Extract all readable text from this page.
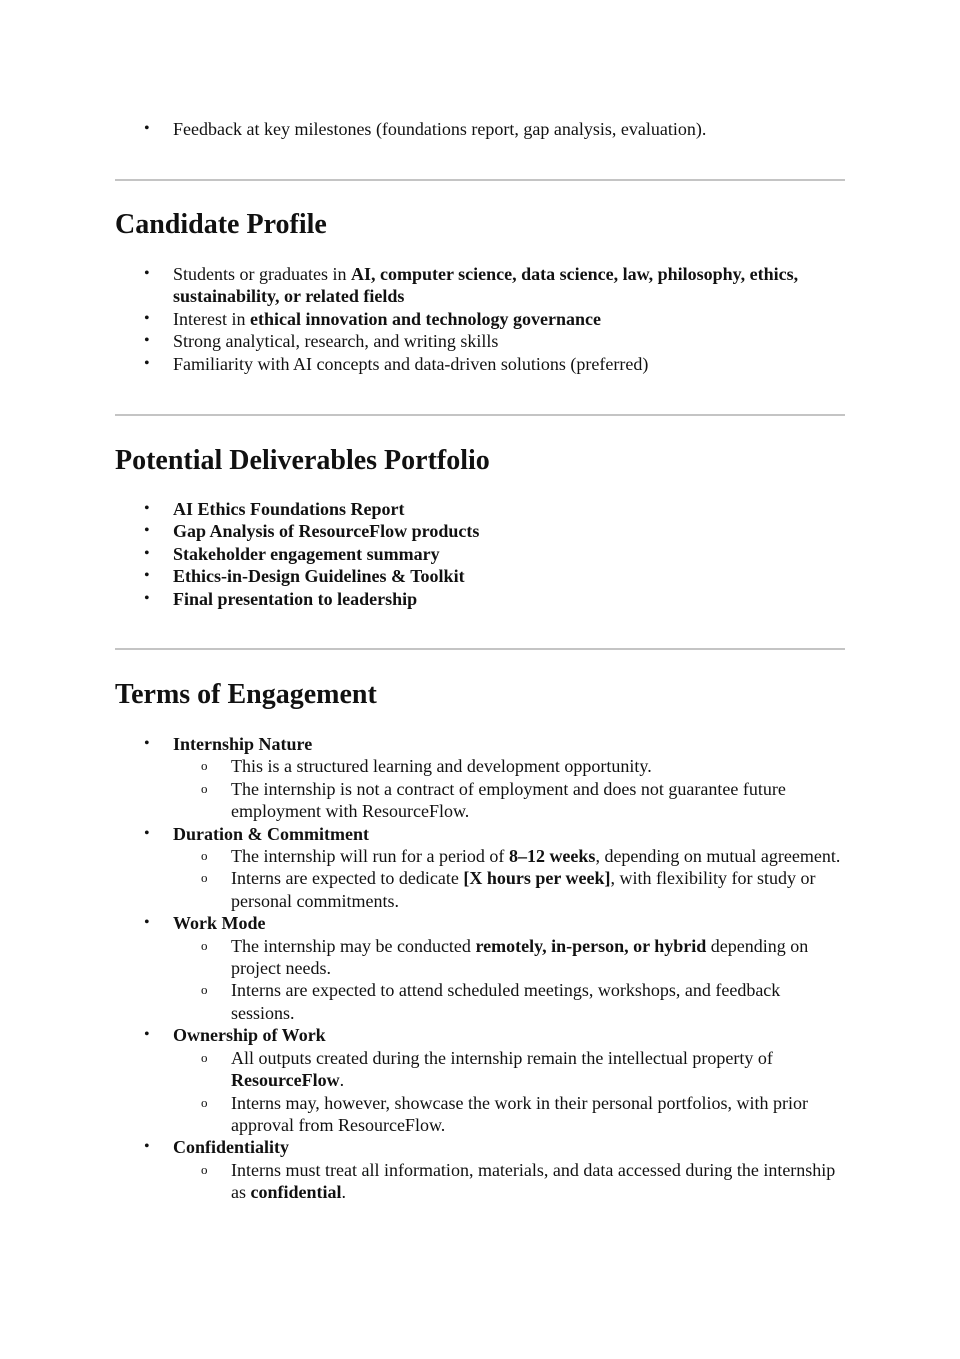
• Feedback at key milestones (foundations report, gap analysis, evaluation).
Candidate Profile
• Students or graduates in AI, computer science, data science, law, philosophy, ethics, sustainability, or related fields
• Interest in ethical innovation and technology governance
• Strong analytical, research, and writing skills
• Familiarity with AI concepts and data-driven solutions (preferred)
Potential Deliverables Portfolio
• AI Ethics Foundations Report
• Gap Analysis of ResourceFlow products
• Stakeholder engagement summary
• Ethics-in-Design Guidelines & Toolkit
• Final presentation to leadership
Terms of Engagement
• Internship Nature
o This is a structured learning and development opportunity.
o The internship is not a contract of employment and does not guarantee future employment with ResourceFlow.
• Duration & Commitment
o The internship will run for a period of 8–12 weeks, depending on mutual agreement.
o Interns are expected to dedicate [X hours per week], with flexibility for study or personal commitments.
• Work Mode
o The internship may be conducted remotely, in-person, or hybrid depending on project needs.
o Interns are expected to attend scheduled meetings, workshops, and feedback sessions.
• Ownership of Work
o All outputs created during the internship remain the intellectual property of ResourceFlow.
o Interns may, however, showcase the work in their personal portfolios, with prior approval from ResourceFlow.
• Confidentiality
o Interns must treat all information, materials, and data accessed during the internship as confidential.
